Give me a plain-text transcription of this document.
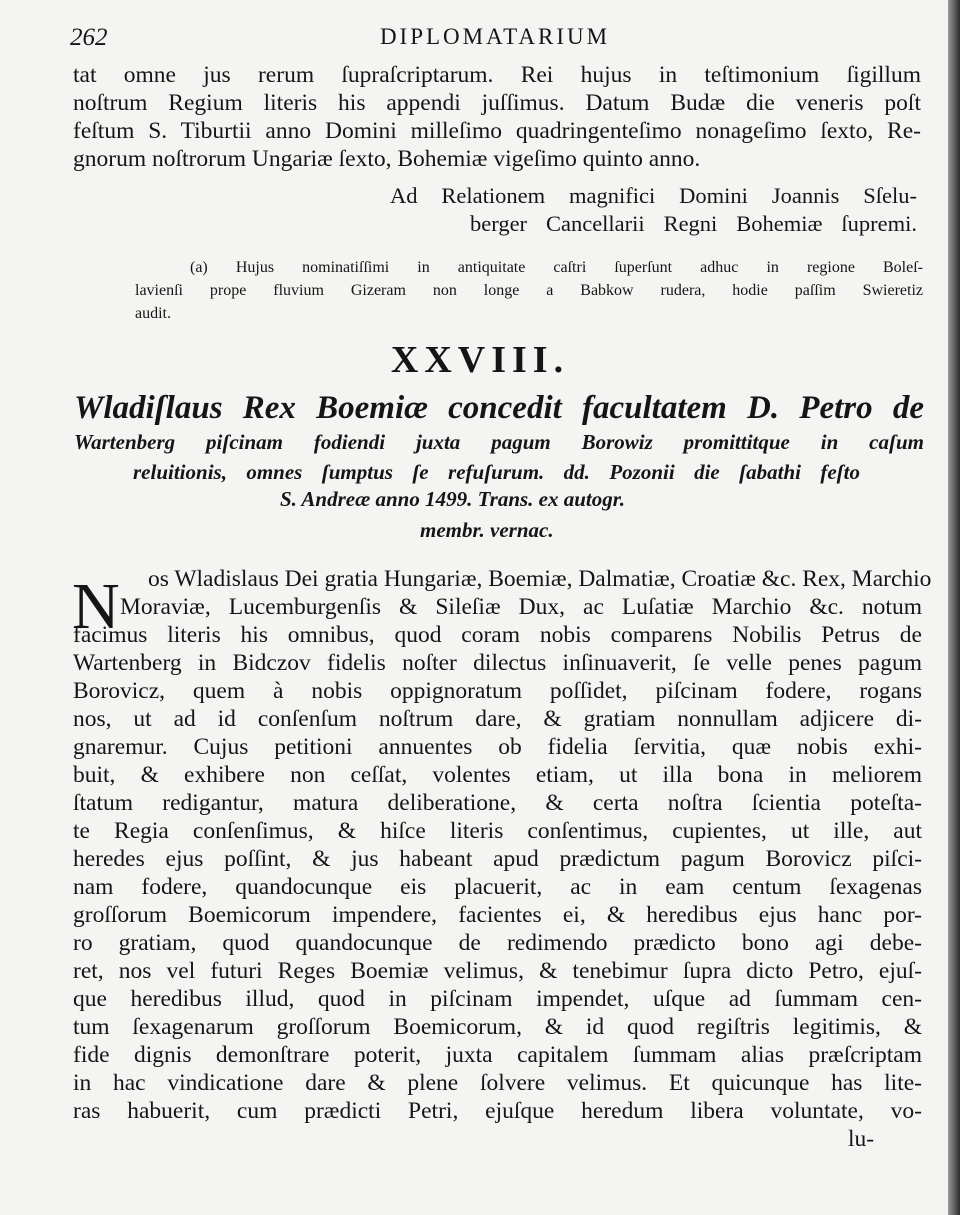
262	DIPLOMATARIUM
tat omne jus rerum ſupraſcriptarum. Rei hujus in teſtimonium ſigillum
noſtrum Regium literis his appendi juſſimus. Datum Budæ die veneris poſt
feſtum S. Tiburtii anno Domini milleſimo quadringenteſimo nonageſimo ſexto, Re-
gnorum noſtrorum Ungariæ ſexto, Bohemiæ vigeſimo quinto anno.
Ad Relationem magnifici Domini Joannis Sſelu-
berger Cancellarii Regni Bohemiæ ſupremi.
(a) Hujus nominatiſſimi in antiquitate caſtri ſuperſunt adhuc in regione Boleſ-
lavienſi prope fluvium Gizeram non longe a Babkow rudera, hodie paſſim Swieretiz
audit.
XXVIII.
Wladiſlaus Rex Boemiæ concedit facultatem D. Petro de
Wartenberg piſcinam fodiendi juxta pagum Borowiz promittitque in caſum
reluitionis, omnes ſumptus ſe refuſurum. dd. Pozonii die ſabathi feſto
S. Andreæ anno 1499. Trans. ex autogr.
membr. vernac.
N os Wladislaus Dei gratia Hungariæ, Boemiæ, Dalmatiæ, Croatiæ &c. Rex, Marchio
Moraviæ, Lucemburgenſis & Sileſiæ Dux, ac Luſatiæ Marchio &c. notum
facimus literis his omnibus, quod coram nobis comparens Nobilis Petrus de
Wartenberg in Bidczov fidelis noſter dilectus inſinuaverit, ſe velle penes pagum
Borovicz, quem à nobis oppignoratum poſſidet, piſcinam fodere, rogans
nos, ut ad id conſenſum noſtrum dare, & gratiam nonnullam adjicere di-
gnaremur. Cujus petitioni annuentes ob fidelia ſervitia, quæ nobis exhi-
buit, & exhibere non ceſſat, volentes etiam, ut illa bona in meliorem
ſtatum redigantur, matura deliberatione, & certa noſtra ſcientia poteſta-
te Regia conſenſimus, & hiſce literis conſentimus, cupientes, ut ille, aut
heredes ejus poſſint, & jus habeant apud prædictum pagum Borovicz piſci-
nam fodere, quandocunque eis placuerit, ac in eam centum ſexagenas
groſſorum Boemicorum impendere, facientes ei, & heredibus ejus hanc por-
ro gratiam, quod quandocunque de redimendo prædicto bono agi debe-
ret, nos vel futuri Reges Boemiæ velimus, & tenebimur ſupra dicto Petro, ejuſ-
que heredibus illud, quod in piſcinam impendet, uſque ad ſummam cen-
tum ſexagenarum groſſorum Boemicorum, & id quod regiſtris legitimis, &
fide dignis demonſtrare poterit, juxta capitalem ſummam alias præſcriptam
in hac vindicatione dare & plene ſolvere velimus. Et quicunque has lite-
ras habuerit, cum prædicti Petri, ejuſque heredum libera voluntate, vo-
lu-
